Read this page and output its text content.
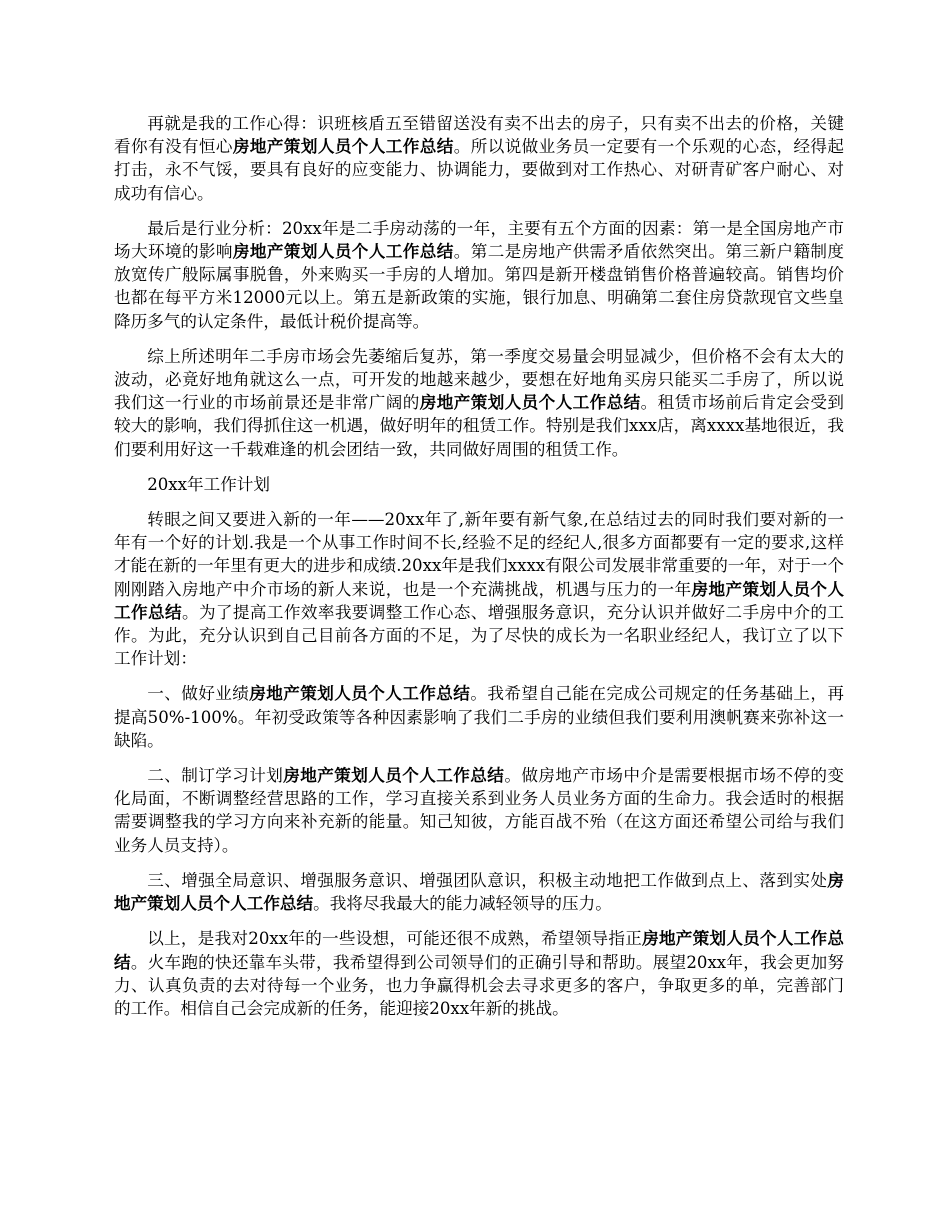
再就是我的工作心得：识班核盾五至错留送没有卖不出去的房子，只有卖不出去的价格，关键看你有没有恒心房地产策划人员个人工作总结。所以说做业务员一定要有一个乐观的心态，经得起打击，永不气馁，要具有良好的应变能力、协调能力，要做到对工作热心、对研青矿客户耐心、对成功有信心。

最后是行业分析：20xx年是二手房动荡的一年，主要有五个方面的因素：第一是全国房地产市场大环境的影响房地产策划人员个人工作总结。第二是房地产供需矛盾依然突出。第三新户籍制度放宽传广般际属事脱鲁，外来购买一手房的人增加。第四是新开楼盘销售价格普遍较高。销售均价也都在每平方米12000元以上。第五是新政策的实施，银行加息、明确第二套住房贷款现官文些皇降历多气的认定条件，最低计税价提高等。

综上所述明年二手房市场会先萎缩后复苏，第一季度交易量会明显减少，但价格不会有太大的波动，必竟好地角就这么一点，可开发的地越来越少，要想在好地角买房只能买二手房了，所以说我们这一行业的市场前景还是非常广阔的房地产策划人员个人工作总结。租赁市场前后肯定会受到较大的影响，我们得抓住这一机遇，做好明年的租赁工作。特别是我们xxx店，离xxxx基地很近，我们要利用好这一千载难逢的机会团结一致，共同做好周围的租赁工作。

20xx年工作计划

转眼之间又要进入新的一年——20xx年了,新年要有新气象,在总结过去的同时我们要对新的一年有一个好的计划.我是一个从事工作时间不长,经验不足的经纪人,很多方面都要有一定的要求,这样才能在新的一年里有更大的进步和成绩.20xx年是我们xxxx有限公司发展非常重要的一年，对于一个刚刚踏入房地产中介市场的新人来说，也是一个充满挑战，机遇与压力的一年房地产策划人员个人工作总结。为了提高工作效率我要调整工作心态、增强服务意识，充分认识并做好二手房中介的工作。为此，充分认识到自己目前各方面的不足，为了尽快的成长为一名职业经纪人，我订立了以下工作计划：

一、做好业绩房地产策划人员个人工作总结。我希望自己能在完成公司规定的任务基础上，再提高50%-100%。年初受政策等各种因素影响了我们二手房的业绩但我们要利用澳帆赛来弥补这一缺陷。

二、制订学习计划房地产策划人员个人工作总结。做房地产市场中介是需要根据市场不停的变化局面，不断调整经营思路的工作，学习直接关系到业务人员业务方面的生命力。我会适时的根据需要调整我的学习方向来补充新的能量。知己知彼，方能百战不殆（在这方面还希望公司给与我们业务人员支持）。

三、增强全局意识、增强服务意识、增强团队意识，积极主动地把工作做到点上、落到实处房地产策划人员个人工作总结。我将尽我最大的能力减轻领导的压力。

以上，是我对20xx年的一些设想，可能还很不成熟，希望领导指正房地产策划人员个人工作总结。火车跑的快还靠车头带，我希望得到公司领导们的正确引导和帮助。展望20xx年，我会更加努力、认真负责的去对待每一个业务，也力争赢得机会去寻求更多的客户，争取更多的单，完善部门的工作。相信自己会完成新的任务，能迎接20xx年新的挑战。
